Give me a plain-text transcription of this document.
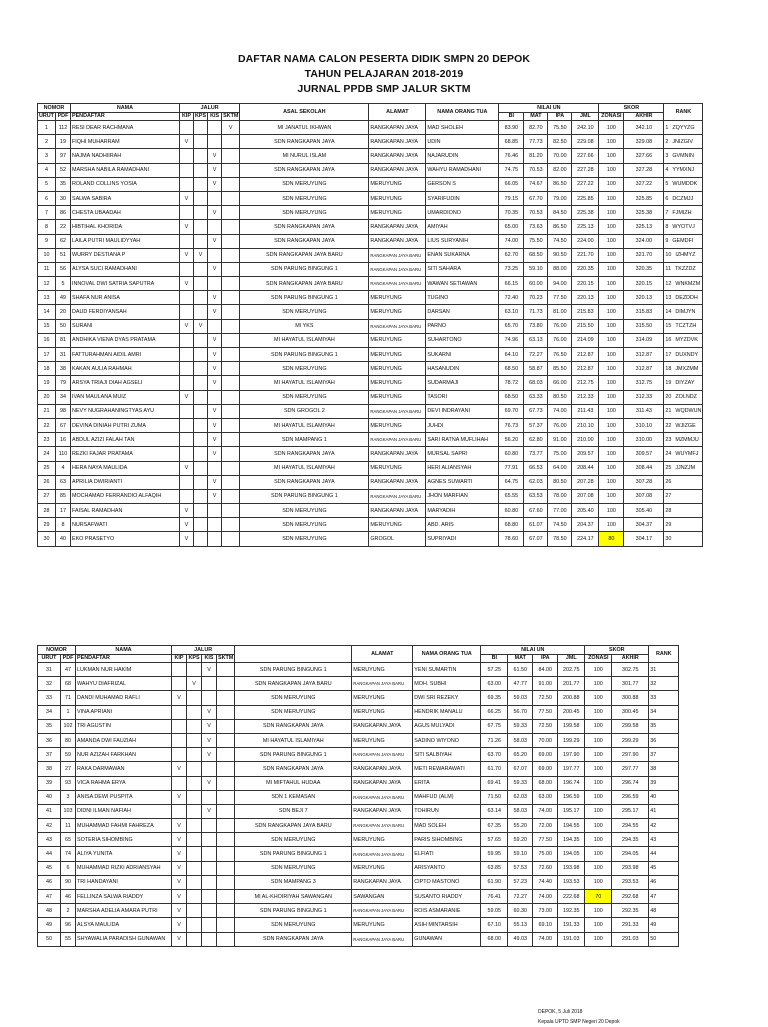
DAFTAR NAMA CALON PESERTA DIDIK SMPN 20 DEPOK
TAHUN PELAJARAN 2018-2019
JURNAL PPDB SMP JALUR SKTM
NOMOR		NAMA	JALUR				ASAL SEKOLAH	ALAMAT	NAMA ORANG TUA	NILAI UN				SKOR		RANK
URUT	PDF	PENDAFTAR	KIP	KPS	KIS	SKTM				BI	MAT	IPA	JML	ZONASI	AKHIR	
1	112	RESI DEAR RACHMANA				V	MI JANATUL IKHWAN	RANGKAPAN JAYA	MAD SHOLEH	83.90	82.70	75.50	242.10	100	342.10	1 ZQYYZG
2	19	FIQHI MUHARRAM	V				SDN RANGKAPAN JAYA	RANGKAPAN JAYA	UDIN	68.85	77.73	82.50	229.08	100	329.08	2 JNIZGIV
3	97	NAJMA NADHIIRAH			V		MI NURUL ISLAM	RANGKAPAN JAYA	NAJARUDIN	76.46	81.20	70.00	227.66	100	327.66	3 GVMNIN
4	52	MARSHA NABILA RAMADHANI			V		SDN RANGKAPAN JAYA	RANGKAPAN JAYA	WAHYU RAMADHANI	74.75	70.53	82.00	227.28	100	327.28	4 YYMXNJ
5	35	ROLAND COLLINS YOSIA			V		SDN MERUYUNG	MERUYUNG	GERSON S	66.05	74.67	86.50	227.22	100	327.22	5 WUMDDK
6	30	SALWA SABIRA	V				SDN MERUYUNG	MERUYUNG	SYARIFUDIN	79.15	67.70	79.00	225.85	100	325.85	6 DCZMJJ
7	86	CHESTA UBAADAH			V		SDN MERUYUNG	MERUYUNG	UMARDIONO	70.35	70.53	84.50	225.38	100	325.38	7 FJMIZH
8	22	HIBTIHAL KHORIDA	V				SDN RANGKAPAN JAYA	RANGKAPAN JAYA	AMIYAH	65.00	73.63	86.50	225.13	100	325.13	8 WYOTVJ
9	62	LAILA PUTRI MAULIDYYAH			V		SDN RANGKAPAN JAYA	RANGKAPAN JAYA	LIUS SURYANIH	74.00	75.50	74.50	224.00	100	324.00	9 GEMDFI
10	51	WURRY DESTIANA P	V	V			SDN RANGKAPAN JAYA BARU	RANGKAPAN JAYA BARU	ENAN SUKARNA	62.70	68.50	90.50	221.70	100	321.70	10 IZHMYZ
11	56	ALYSA SUCI RAMADHANI			V		SDN PARUNG BINGUNG 1	RANGKAPAN JAYA BARU	SITI SAHARA	73.25	59.10	88.00	220.35	100	320.35	11 TKZZDZ
12	5	INNOVAL DWI SATRIA SAPUTRA	V				SDN RANGKAPAN JAYA BARU	RANGKAPAN JAYA BARU	WAWAN SETIAWAN	66.15	60.00	94.00	220.15	100	320.15	12 WNKMZM
13	49	SHAFA NUR ANISA			V		SDN PARUNG BINGUNG 1	MERUYUNG	TUGINO	72.40	70.23	77.50	220.13	100	320.13	13 DEZDDH
14	20	DAUD FERDIYANSAH			V		SDN MERUYUNG	MERUYUNG	DARSAN	63.10	71.73	81.00	215.83	100	315.83	14 DIMJYN
15	50	SURANI	V	V			MI YKS	RANGKAPAN JAYA BARU	PARNO	65.70	73.80	76.00	215.50	100	315.50	15 TCZTZH
16	81	ANDHIKA VIENA DYAS PRATAMA			V		MI HAYATUL ISLAMIYAH	MERUYUNG	SUHARTONO	74.96	63.13	76.00	214.09	100	314.09	16 MYZDVK
17	31	FATTURAHMAN AIDIL AMRI			V		SDN PARUNG BINGUNG 1	MERUYUNG	SUKARNI	64.10	72.27	76.50	212.87	100	312.87	17 DUXNDY
18	38	KAKAN AULIA RAHMAH			V		SDN MERUYUNG	MERUYUNG	HASANUDIN	68.50	58.87	85.50	212.87	100	312.87	18 JMXZMM
19	79	ARSYA TRIAJI DIAH AGSELI			V		MI HAYATUL ISLAMIYAH	MERUYUNG	SUDARMAJI	78.72	68.03	66.00	212.75	100	312.75	19 DIYZAY
20	34	IVAN MAULANA MUIZ	V				SDN MERUYUNG	MERUYUNG	TASORI	68.50	63.33	80.50	212.33	100	312.33	20 ZOLNDZ
21	98	NEVY NUGRAHANINGTYAS AYU			V		SDN GROGOL 2	RANGKAPAN JAYA BARU	DEVI INDRAYANI	69.70	67.73	74.00	211.43	100	311.43	21 WQDWUN
22	67	DEVINA DINIAH PUTRI ZUMA			V		MI HAYATUL ISLAMIYAH	MERUYUNG	JUHDI	76.73	57.37	76.00	210.10	100	310.10	22 WJIZGE
23	16	ABDUL AZIZI FALAH TAN			V		SDN MAMPANG 1	RANGKAPAN JAYA BARU	SARI RATNA MUFLIHAH	56.20	62.80	91.00	210.00	100	310.00	23 MZMMJU
24	110	REZKI FAJAR PRATAMA			V		SDN RANGKAPAN JAYA	RANGKAPAN JAYA	MURSAL SAPRI	60.80	73.77	75.00	209.57	100	309.57	24 WUYMFJ
25	4	HERA NAYA MAULIDA	V				MI HAYATUL ISLAMIYAH	MERUYUNG	HERI ALIANSYAH	77.91	66.53	64.00	208.44	100	308.44	25 JJNZJM
26	63	APRILIA DWIRIANTI			V		SDN RANGKAPAN JAYA	RANGKAPAN JAYA	AGNES SUWARTI	64.75	62.03	80.50	207.28	100	307.28	26
27	85	MOCHAMAD FERRANDIO ALFAQIH			V		SDN PARUNG BINGUNG 1	RANGKAPAN JAYA BARU	JHON MARFIAN	65.55	63.53	78.00	207.08	100	307.08	27
28	17	FAISAL RAMADHAN	V				SDN MERUYUNG	RANGKAPAN JAYA	MARYADIH	60.80	67.60	77.00	205.40	100	305.40	28
29	8	NURSAFWATI	V				SDN MERUYUNG	MERUYUNG	ABD. ARIS	68.80	61.07	74.50	204.37	100	304.37	29
30	40	EKO PRASETYO	V				SDN MERUYUNG	GROGOL	SUPRIYADI	78.60	67.07	78.50	224.17	80	304.17	30
NOMOR		NAMA	JALUR					ALAMAT	NAMA ORANG TUA	NILAI UN				SKOR		RANK
URUT	PDF	PENDAFTAR	KIP	KPS	KIS	SKTM				BI	MAT	IPA	JML	ZONASI	AKHIR	
31	47	LUKMAN NUR HAKIM			V		SDN PARUNG BINGUNG 1	MERUYUNG	YENI SUMARTIN	57.25	61.50	84.00	202.75	100	302.75	31
32	68	WAHYU DIAFRIZAL		V			SDN RANGKAPAN JAYA BARU	RANGKAPAN JAYA BARU	MOH. SUBHI	63.00	47.77	91.00	201.77	100	301.77	32
33	71	DANDI MUHAMAD RAFLI	V				SDN MERUYUNG	MERUYUNG	DWI SRI REZEKY	69.35	59.03	72.50	200.88	100	300.88	33
34	1	VINA APRIANI			V		SDN MERUYUNG	MERUYUNG	HENDRIK MANALU	66.25	56.70	77.50	200.45	100	300.45	34
35	102	TRI AGUSTIN			V		SDN RANGKAPAN JAYA	RANGKAPAN JAYA	AGUS MULYADI	67.75	59.33	72.50	199.58	100	299.58	35
36	80	AMANDA DWI FAUZIAH			V		MI HAYATUL ISLAMIYAH	MERUYUNG	SADINO WIYONO	71.26	58.03	70.00	199.29	100	299.29	36
37	59	NUR AZIZAH FARKHAN			V		SDN PARUNG BINGUNG 1	RANGKAPAN JAYA BARU	SITI SALBIYAH	63.70	65.20	69.00	197.90	100	297.90	37
38	27	RAKA DARMAWAN	V				SDN RANGKAPAN JAYA	RANGKAPAN JAYA	METI REWARAWATI	61.70	67.07	69.00	197.77	100	297.77	38
39	93	VICA RAHMA ERYA			V		MI MIFTAHUL HUDAA	RANGKAPAN JAYA	ERITA	69.41	59.33	68.00	196.74	100	296.74	39
40	3	ANISA DEWI PUSPITA	V				SDN 1 KEMASAN	RANGKAPAN JAYA BARU	MAHFUD (ALM)	71.50	62.03	63.00	196.59	100	296.59	40
41	103	DIDNI ILMAN NAFIAH			V		SDN BEJI 7	RANGKAPAN JAYA	TOHIRUN	63.14	58.03	74.00	195.17	100	295.17	41
42	11	MUHAMMAD FAHMI FAHREZA	V				SDN RANGKAPAN JAYA BARU	RANGKAPAN JAYA BARU	MAD SOLEH	67.35	55.20	72.00	194.55	100	294.55	42
43	65	SOTERIA SIHOMBING	V				SDN MERUYUNG	MERUYUNG	PARIS SIHOMBING	57.65	59.20	77.50	194.35	100	294.35	43
44	74	ALIYA YUNITA	V				SDN PARUNG BINGUNG 1	RANGKAPAN JAYA BARU	ELFIATI	59.95	59.10	75.00	194.05	100	294.05	44
45	6	MUHAMMAD RIZKI ADRIANSYAH	V				SDN MERUYUNG	MERUYUNG	ARISYANTO	63.85	57.53	72.60	193.98	100	293.98	45
46	90	TRI HANDAYANI	V				SDN MAMPANG 3	RANGKAPAN JAYA	CIPTO MASTONO	61.90	57.23	74.40	193.53	100	293.53	46
47	46	FELLINZA SALWA RIADDY	V				MI AL-KHOIRIYAH SAWANGAN	SAWANGAN	SUSANTO RIADDY	76.41	72.27	74.00	222.68	70	292.68	47
48	2	MARSHA ADELIA AMARA PUTRI	V				SDN PARUNG BINGUNG 1	RANGKAPAN JAYA BARU	ROIS ASMARANIE	59.05	60.30	73.00	192.35	100	292.35	48
49	96	ALSYA MAULIDA	V				SDN MERUYUNG	MERUYUNG	ASIH MINTARSIH	67.10	55.13	69.10	191.33	100	291.33	49
50	55	SHYAWALIA PARADISH GUNAWAN	V				SDN RANGKAPAN JAYA	RANGKAPAN JAYA BARU	GUNAWAN	68.00	49.03	74.00	191.03	100	291.03	50
DEPOK, 5 Juli 2018
Kepala UPTD SMP Negeri 20 Depok
